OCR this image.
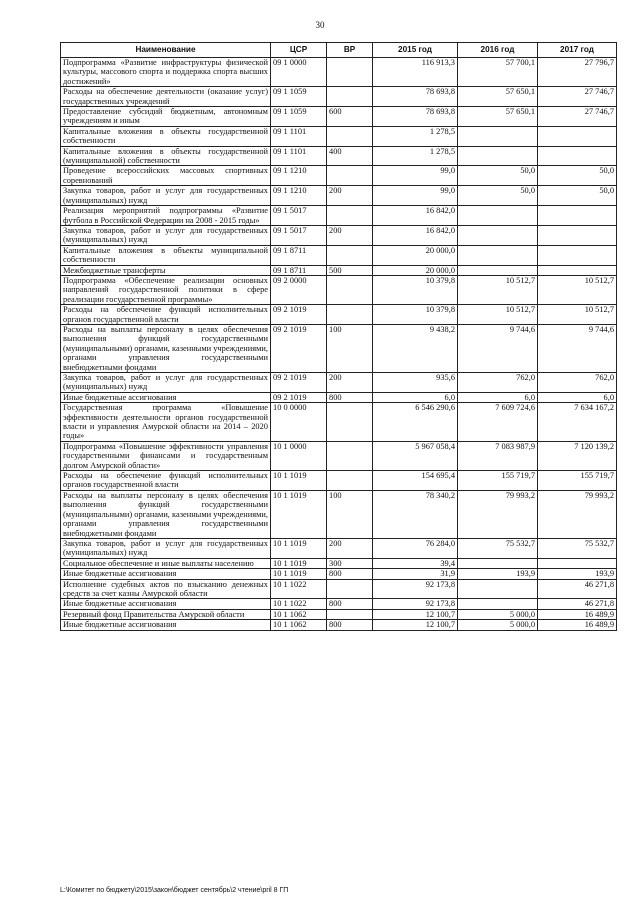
30
Наименование	ЦСР	ВР	2015 год	2016 год	2017 год
Подпрограмма «Развитие инфраструктуры физической культуры, массового спорта и поддержка спорта высших достижений»	09 1 0000		116 913,3	57 700,1	27 796,7
Расходы на обеспечение деятельности (оказание услуг) государственных учреждений	09 1 1059		78 693,8	57 650,1	27 746,7
Предоставление субсидий бюджетным, автономным учреждениям и иным	09 1 1059	600	78 693,8	57 650,1	27 746,7
Капитальные вложения в объекты государственной собственности	09 1 1101		1 278,5		
Капитальные вложения в объекты государственной (муниципальной) собственности	09 1 1101	400	1 278,5		
Проведение всероссийских массовых спортивных соревнований	09 1 1210		99,0	50,0	50,0
Закупка товаров, работ и услуг для государственных (муниципальных) нужд	09 1 1210	200	99,0	50,0	50,0
Реализация мероприятий подпрограммы «Развитие футбола в Российской Федерации на 2008 - 2015 годы»	09 1 5017		16 842,0		
Закупка товаров, работ и услуг для государственных (муниципальных) нужд	09 1 5017	200	16 842,0		
Капитальные вложения в объекты муниципальной собственности	09 1 8711		20 000,0		
Межбюджетные трансферты	09 1 8711	500	20 000,0		
Подпрограмма «Обеспечение реализации основных направлений государственной политики в сфере реализации государственной программы»	09 2 0000		10 379,8	10 512,7	10 512,7
Расходы на обеспечение функций исполнительных органов государственной власти	09 2 1019		10 379,8	10 512,7	10 512,7
Расходы на выплаты персоналу в целях обеспечения выполнения функций государственными (муниципальными) органами, казенными учреждениями, органами управления государственными внебюджетными фондами	09 2 1019	100	9 438,2	9 744,6	9 744,6
Закупка товаров, работ и услуг для государственных (муниципальных) нужд	09 2 1019	200	935,6	762,0	762,0
Иные бюджетные ассигнования	09 2 1019	800	6,0	6,0	6,0
Государственная программа «Повышение эффективности деятельности органов государственной власти и управления Амурской области на 2014 – 2020 годы»	10 0 0000		6 546 290,6	7 609 724,6	7 634 167,2
Подпрограмма «Повышение эффективности управления государственными финансами и государственным долгом Амурской области»	10 1 0000		5 967 058,4	7 083 987,9	7 120 139,2
Расходы на обеспечение функций исполнительных органов государственной власти	10 1 1019		154 695,4	155 719,7	155 719,7
Расходы на выплаты персоналу в целях обеспечения выполнения функций государственными (муниципальными) органами, казенными учреждениями, органами управления государственными внебюджетными фондами	10 1 1019	100	78 340,2	79 993,2	79 993,2
Закупка товаров, работ и услуг для государственных (муниципальных) нужд	10 1 1019	200	76 284,0	75 532,7	75 532,7
Социальное обеспечение и иные выплаты населению	10 1 1019	300	39,4		
Иные бюджетные ассигнования	10 1 1019	800	31,9	193,9	193,9
Исполнение судебных актов по взысканию денежных средств за счет казны Амурской области	10 1 1022		92 173,8		46 271,8
Иные бюджетные ассигнования	10 1 1022	800	92 173,8		46 271,8
Резервный фонд Правительства Амурской области	10 1 1062		12 100,7	5 000,0	16 489,9
Иные бюджетные ассигнования	10 1 1062	800	12 100,7	5 000,0	16 489,9
L:\Комитет по бюджету\2015\закон\бюджет сентябрь\2 чтение\pril 8 ГП
